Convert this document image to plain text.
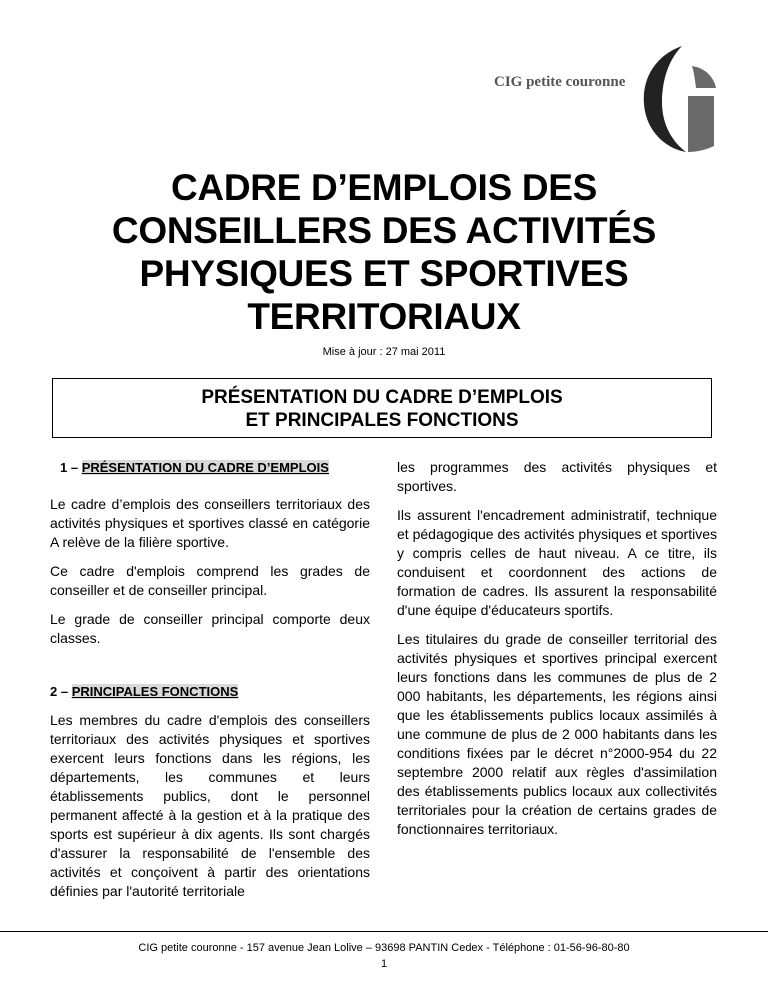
CIG petite couronne
CADRE D’EMPLOIS DES
CONSEILLERS DES ACTIVITÉS
PHYSIQUES ET SPORTIVES
TERRITORIAUX
Mise à jour : 27 mai 2011
PRÉSENTATION DU CADRE D’EMPLOIS
ET PRINCIPALES FONCTIONS
1 – PRÉSENTATION DU CADRE D’EMPLOIS

Le cadre d’emplois des conseillers territoriaux des activités physiques et sportives classé en catégorie A relève de la filière sportive.

Ce cadre d'emplois comprend les grades de conseiller et de conseiller principal.

Le grade de conseiller principal comporte deux classes.

2 – PRINCIPALES FONCTIONS

Les membres du cadre d'emplois des conseillers territoriaux des activités physiques et sportives exercent leurs fonctions dans les régions, les départements, les communes et leurs établissements publics, dont le personnel permanent affecté à la gestion et à la pratique des sports est supérieur à dix agents. Ils sont chargés d'assurer la responsabilité de l'ensemble des activités et conçoivent à partir des orientations définies par l'autorité territoriale

les programmes des activités physiques et sportives.

Ils assurent l'encadrement administratif, technique et pédagogique des activités physiques et sportives y compris celles de haut niveau. A ce titre, ils conduisent et coordonnent des actions de formation de cadres. Ils assurent la responsabilité d'une équipe d'éducateurs sportifs.

Les titulaires du grade de conseiller territorial des activités physiques et sportives principal exercent leurs fonctions dans les communes de plus de 2 000 habitants, les départements, les régions ainsi que les établissements publics locaux assimilés à une commune de plus de 2 000 habitants dans les conditions fixées par le décret n°2000-954 du 22 septembre 2000 relatif aux règles d'assimilation des établissements publics locaux aux collectivités territoriales pour la création de certains grades de fonctionnaires territoriaux.

CIG petite couronne - 157 avenue Jean Lolive – 93698 PANTIN Cedex - Téléphone : 01-56-96-80-80
1
